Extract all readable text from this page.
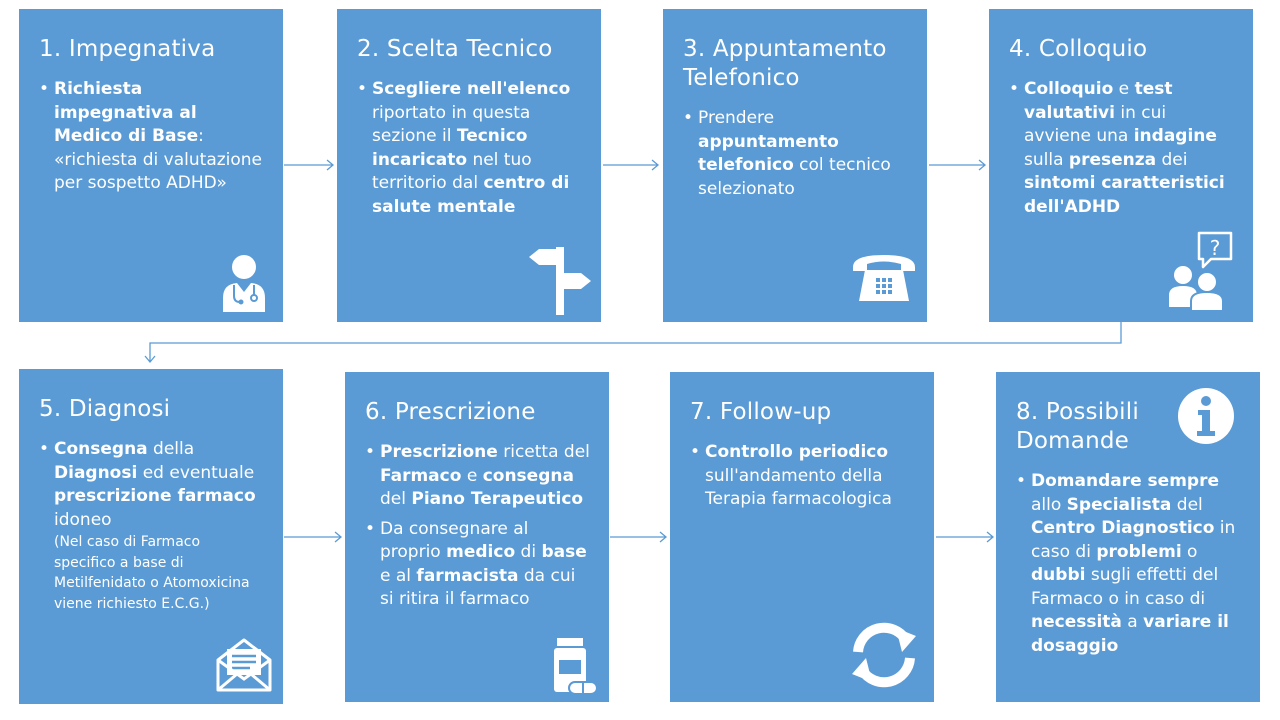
1. Impegnativa
• Richiesta impegnativa al Medico di Base: «richiesta di valutazione per sospetto ADHD»
2. Scelta Tecnico
• Scegliere nell'elenco riportato in questa sezione il Tecnico incaricato nel tuo territorio dal centro di salute mentale
3. Appuntamento Telefonico
• Prendere appuntamento telefonico col tecnico selezionato
4. Colloquio
• Colloquio e test valutativi in cui avviene una indagine sulla presenza dei sintomi caratteristici dell'ADHD
?
5. Diagnosi
• Consegna della Diagnosi ed eventuale prescrizione farmaco idoneo
(Nel caso di Farmaco specifico a base di Metilfenidato o Atomoxicina viene richiesto E.C.G.)
6. Prescrizione
• Prescrizione ricetta del Farmaco e consegna del Piano Terapeutico
• Da consegnare al proprio medico di base e al farmacista da cui si ritira il farmaco
7. Follow-up
• Controllo periodico sull'andamento della Terapia farmacologica
8. Possibili Domande
• Domandare sempre allo Specialista del Centro Diagnostico in caso di problemi o dubbi sugli effetti del Farmaco o in caso di necessità a variare il dosaggio
